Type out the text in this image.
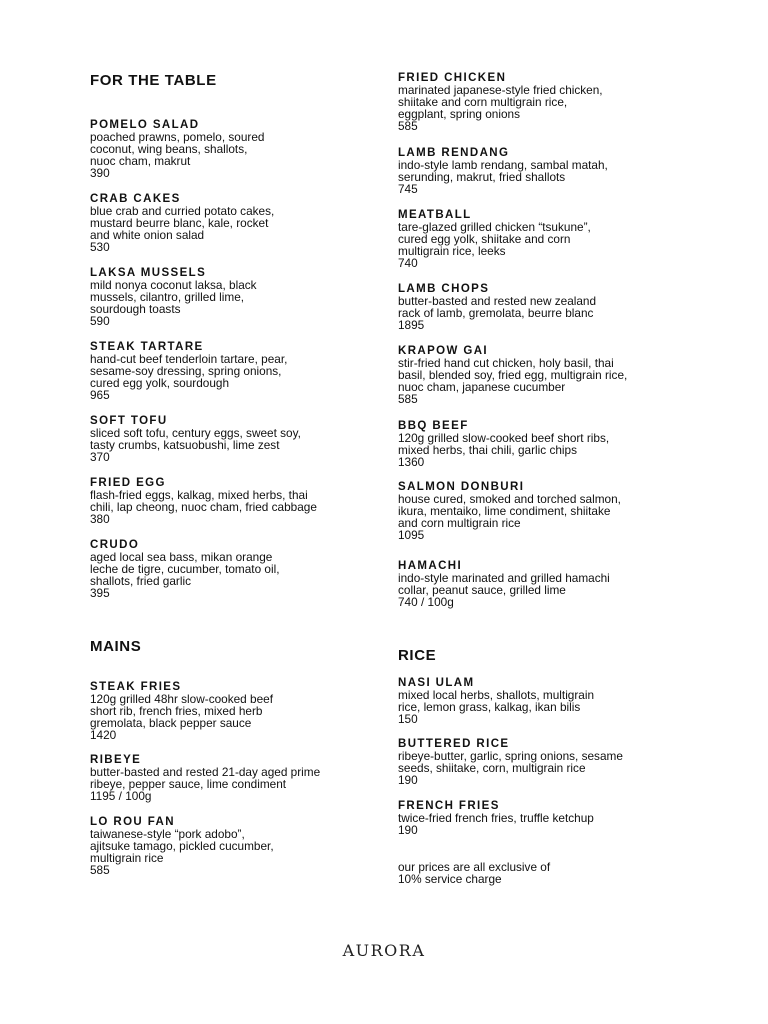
FOR THE TABLE

POMELO SALAD

poached prawns, pomelo, soured

coconut, wing beans, shallots,

nuoc cham, makrut

390

CRAB CAKES

blue crab and curried potato cakes,

mustard beurre blanc, kale, rocket

and white onion salad

530

LAKSA MUSSELS

mild nonya coconut laksa, black

mussels, cilantro, grilled lime,

sourdough toasts

590

STEAK TARTARE

hand-cut beef tenderloin tartare, pear,

sesame-soy dressing, spring onions,

cured egg yolk, sourdough

965

SOFT TOFU

sliced soft tofu, century eggs, sweet soy,

tasty crumbs, katsuobushi, lime zest

370

FRIED EGG

flash-fried eggs, kalkag, mixed herbs, thai

chili, lap cheong, nuoc cham, fried cabbage

380

CRUDO

aged local sea bass, mikan orange

leche de tigre, cucumber, tomato oil,

shallots, fried garlic

395

MAINS

STEAK FRIES

120g grilled 48hr slow-cooked beef

short rib, french fries, mixed herb

gremolata, black pepper sauce

1420

RIBEYE

butter-basted and rested 21-day aged prime

ribeye, pepper sauce, lime condiment

1195 / 100g

LO ROU FAN

taiwanese-style “pork adobo”,

ajitsuke tamago, pickled cucumber,

multigrain rice

585

FRIED CHICKEN

marinated japanese-style fried chicken,

shiitake and corn multigrain rice,

eggplant, spring onions

585

LAMB RENDANG

indo-style lamb rendang, sambal matah,

serunding, makrut, fried shallots

745

MEATBALL

tare-glazed grilled chicken “tsukune”,

cured egg yolk, shiitake and corn

multigrain rice, leeks

740

LAMB CHOPS

butter-basted and rested new zealand

rack of lamb, gremolata, beurre blanc

1895

KRAPOW GAI

stir-fried hand cut chicken, holy basil, thai

basil, blended soy, fried egg, multigrain rice,

nuoc cham, japanese cucumber

585

BBQ BEEF

120g grilled slow-cooked beef short ribs,

mixed herbs, thai chili, garlic chips

1360

SALMON DONBURI

house cured, smoked and torched salmon,

ikura, mentaiko, lime condiment, shiitake

and corn multigrain rice

1095

HAMACHI

indo-style marinated and grilled hamachi

collar, peanut sauce, grilled lime

740 / 100g

RICE

NASI ULAM

mixed local herbs, shallots, multigrain

rice, lemon grass, kalkag, ikan bilis

150

BUTTERED RICE

ribeye-butter, garlic, spring onions, sesame

seeds, shiitake, corn, multigrain rice

190

FRENCH FRIES

twice-fried french fries, truffle ketchup

190

our prices are all exclusive of

10% service charge

AURORA
